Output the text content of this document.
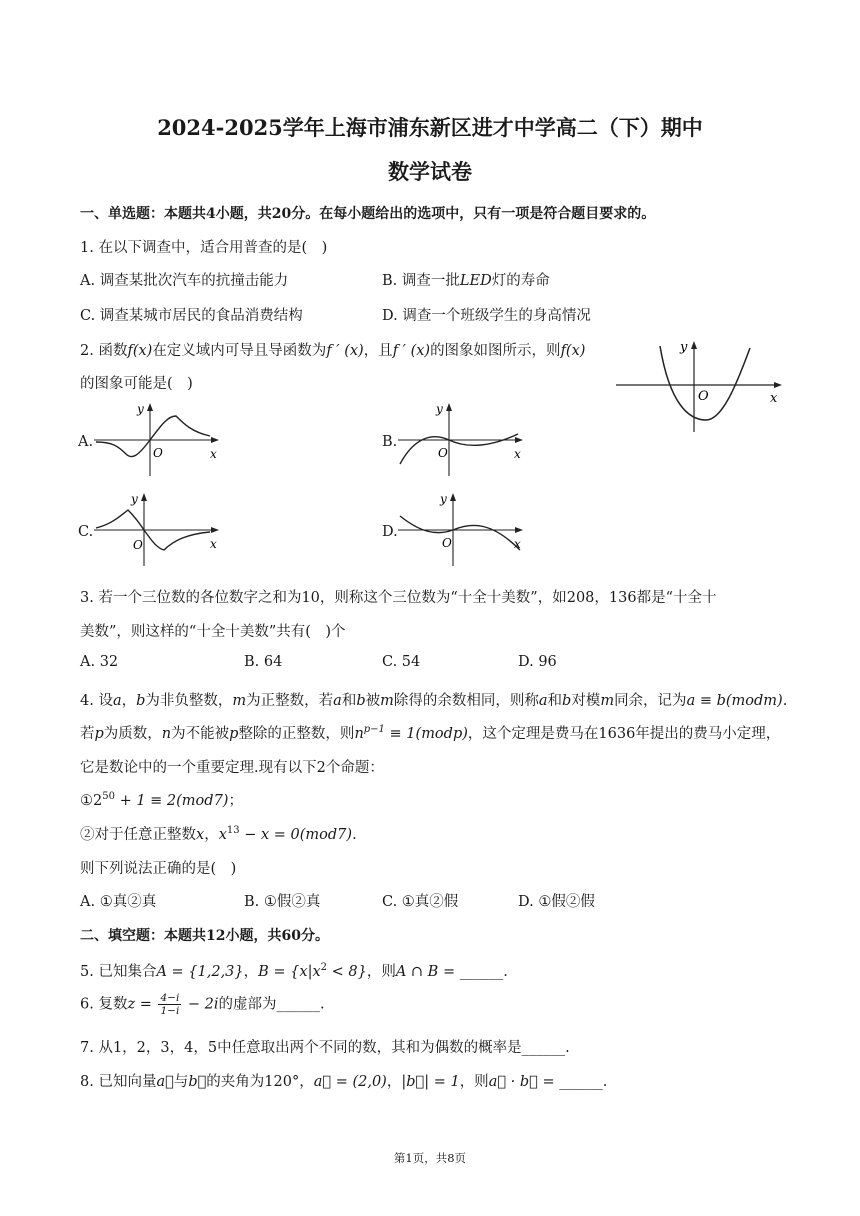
2024-2025学年上海市浦东新区进才中学高二（下）期中
数学试卷
一、单选题：本题共4小题，共20分。在每小题给出的选项中，只有一项是符合题目要求的。
1. 在以下调查中，适合用普查的是(　)
A. 调查某批次汽车的抗撞击能力	B. 调查一批LED灯的寿命
C. 调查某城市居民的食品消费结构	D. 调查一个班级学生的身高情况
2. 函数f(x)在定义域内可导且导函数为f ′ (x)，且f ′ (x)的图象如图所示，则f(x)
的图象可能是(　)
y
x
O
A.
y
x
O
B.
y
x
O
C.
y
x
O
D.
y
x
O
3. 若一个三位数的各位数字之和为10，则称这个三位数为“十全十美数”，如208，136都是“十全十
美数”，则这样的“十全十美数”共有(　)个
A. 32	B. 64	C. 54	D. 96
4. 设a，b为非负整数，m为正整数，若a和b被m除得的余数相同，则称a和b对模m同余，记为a ≡ b(modm).
若p为质数，n为不能被p整除的正整数，则$n^{p-1}$ ≡ 1(modp)，这个定理是费马在1636年提出的费马小定理，
它是数论中的一个重要定理.现有以下2个命题：
$①2^{50} + 1 \equiv 2(mod7)$；
②对于任意正整数x，$x^{13} - x = 0(mod7)$.
则下列说法正确的是(　)
A. ①真②真	B. ①假②真	C. ①真②假	D. ①假②假
二、填空题：本题共12小题，共60分。
5. 已知集合A = {1,2,3}，$B = \{x|x^2 < 8\}$，则A ∩ B = ______.
6. 复数$z = \frac{4-i}{1-i} - 2i$的虚部为______.
7. 从1，2，3，4，5中任意取出两个不同的数，其和为偶数的概率是______.
8. 已知向量a⃗与b⃗的夹角为120°，a⃗ = (2,0)，|b⃗| = 1，则a⃗ · b⃗ = ______.
第1页，共8页
